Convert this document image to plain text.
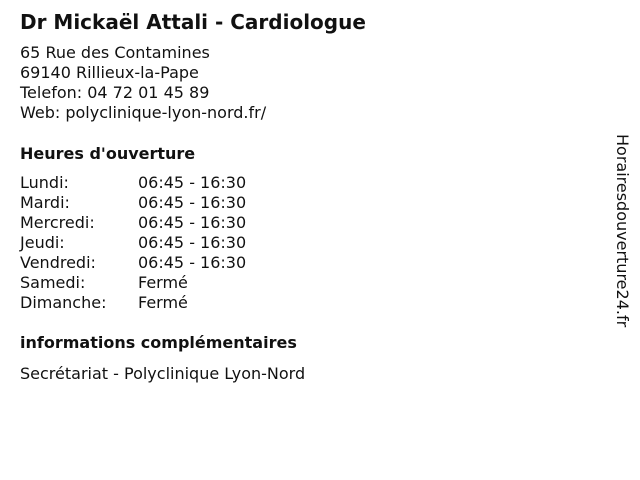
Dr Mickaël Attali - Cardiologue
65 Rue des Contamines
69140 Rillieux-la-Pape
Telefon: 04 72 01 45 89
Web: polyclinique-lyon-nord.fr/
Heures d'ouverture
Lundi:	06:45 - 16:30
Mardi:	06:45 - 16:30
Mercredi:	06:45 - 16:30
Jeudi:	06:45 - 16:30
Vendredi:	06:45 - 16:30
Samedi:	Fermé
Dimanche:	Fermé
informations complémentaires
Secrétariat - Polyclinique Lyon-Nord
Horairesdouverture24.fr
